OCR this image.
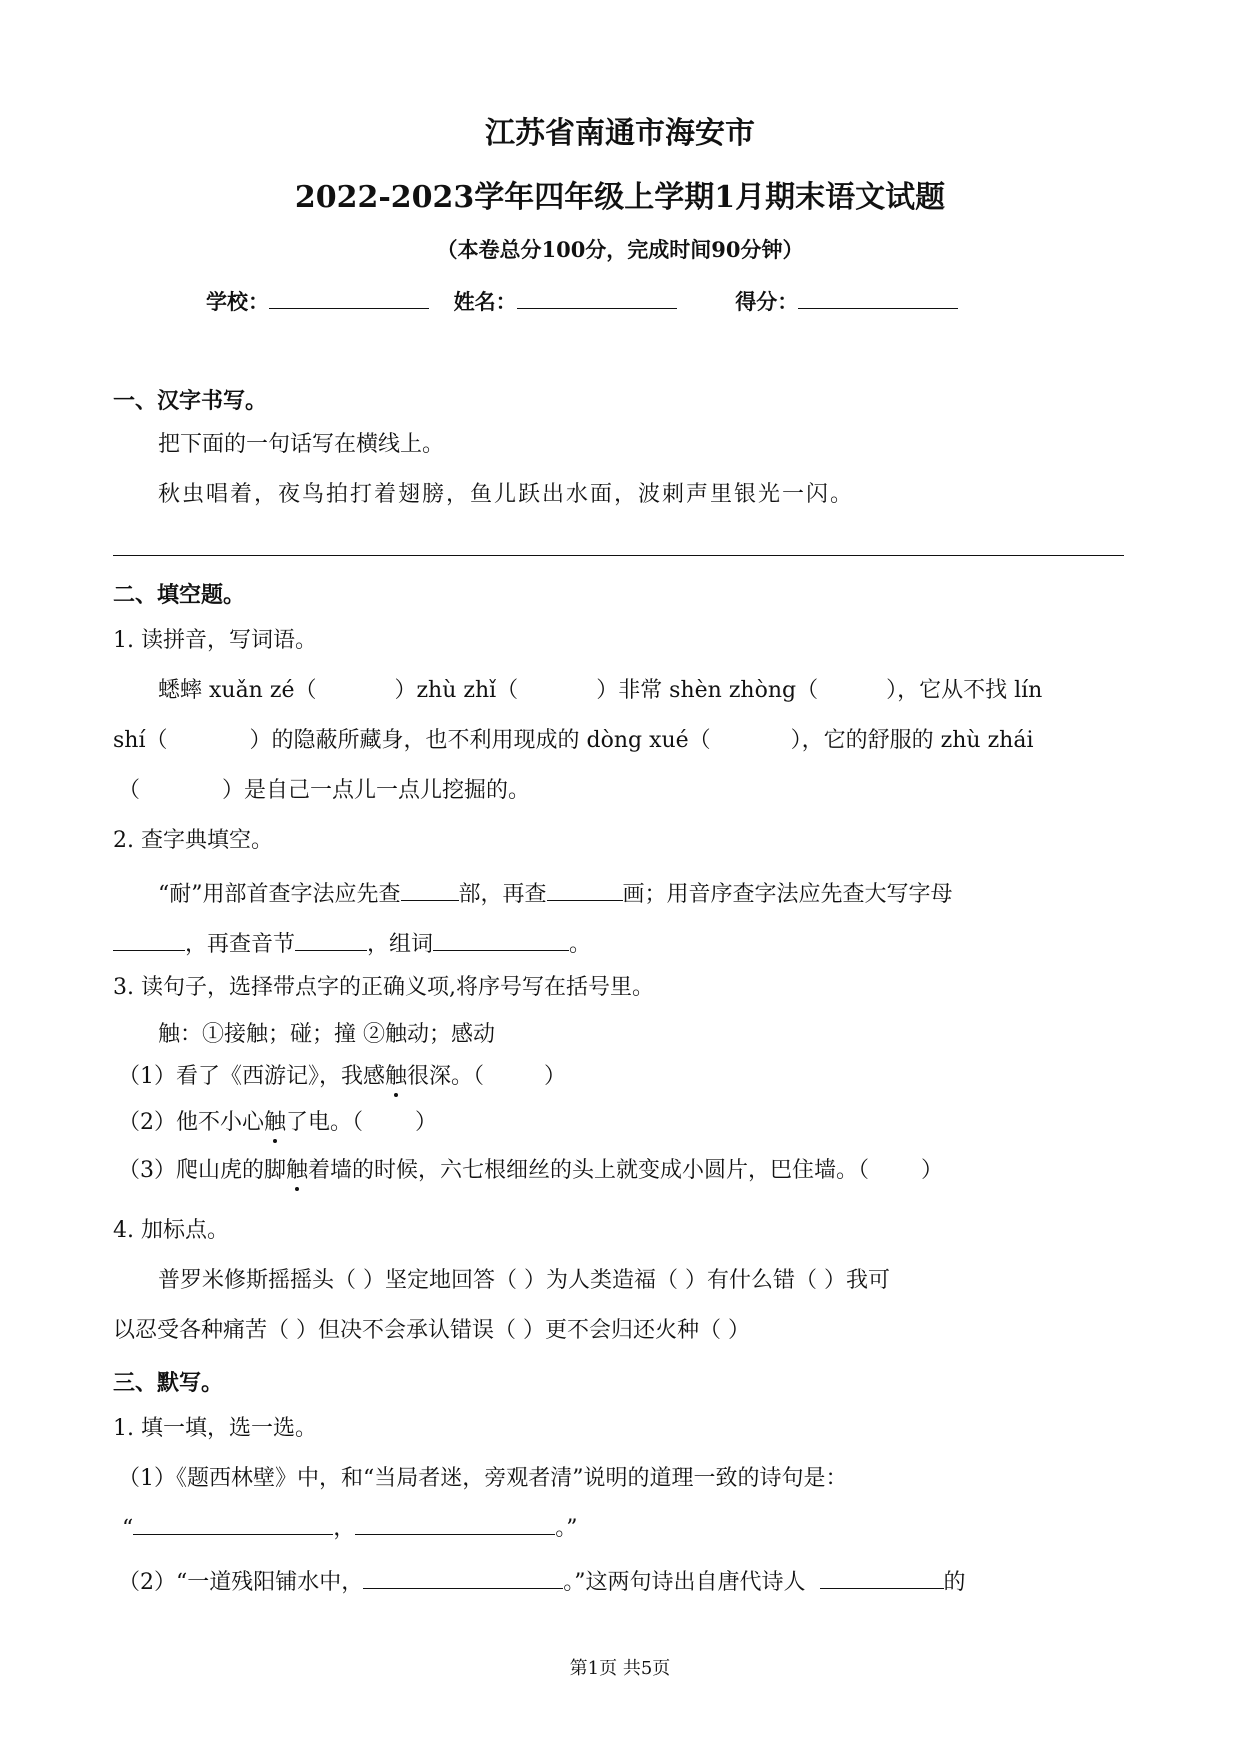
江苏省南通市海安市
2022-2023学年四年级上学期1月期末语文试题
（本卷总分100分，完成时间90分钟）
学校：	姓名：	得分：
一、汉字书写。
把下面的一句话写在横线上。
秋虫唱着，夜鸟拍打着翅膀，鱼儿跃出水面，波刺声里银光一闪。
二、填空题。
1. 读拼音，写词语。
蟋蟀 xuǎn zé（	）zhù zhǐ（	）非常 shèn zhòng（	），它从不找 lín
shí（	）的隐蔽所藏身，也不利用现成的 dòng xué（	），它的舒服的 zhù zhái
（	）是自己一点儿一点儿挖掘的。
2. 查字典填空。
“耐”用部首查字法应先查	部，再查	画；用音序查字法应先查大写字母
，再查音节	，组词	。
3. 读句子，选择带点字的正确义项,将序号写在括号里。
触：①接触；碰；撞 ②触动；感动
（1）看了《西游记》，我感触很深。（	）
（2）他不小心触了电。（ ）
（3）爬山虎的脚触着墙的时候，六七根细丝的头上就变成小圆片，巴住墙。（ ）
4. 加标点。
普罗米修斯摇摇头（ ）坚定地回答（ ）为人类造福（ ）有什么错（ ）我可
以忍受各种痛苦（ ）但决不会承认错误（ ）更不会归还火种（ ）
三、默写。
1. 填一填，选一选。
（1）《题西林壁》中，和“当局者迷，旁观者清”说明的道理一致的诗句是：
“	，	。”
（2）“一道残阳铺水中，	。”这两句诗出自唐代诗人	的
第1页 共5页
